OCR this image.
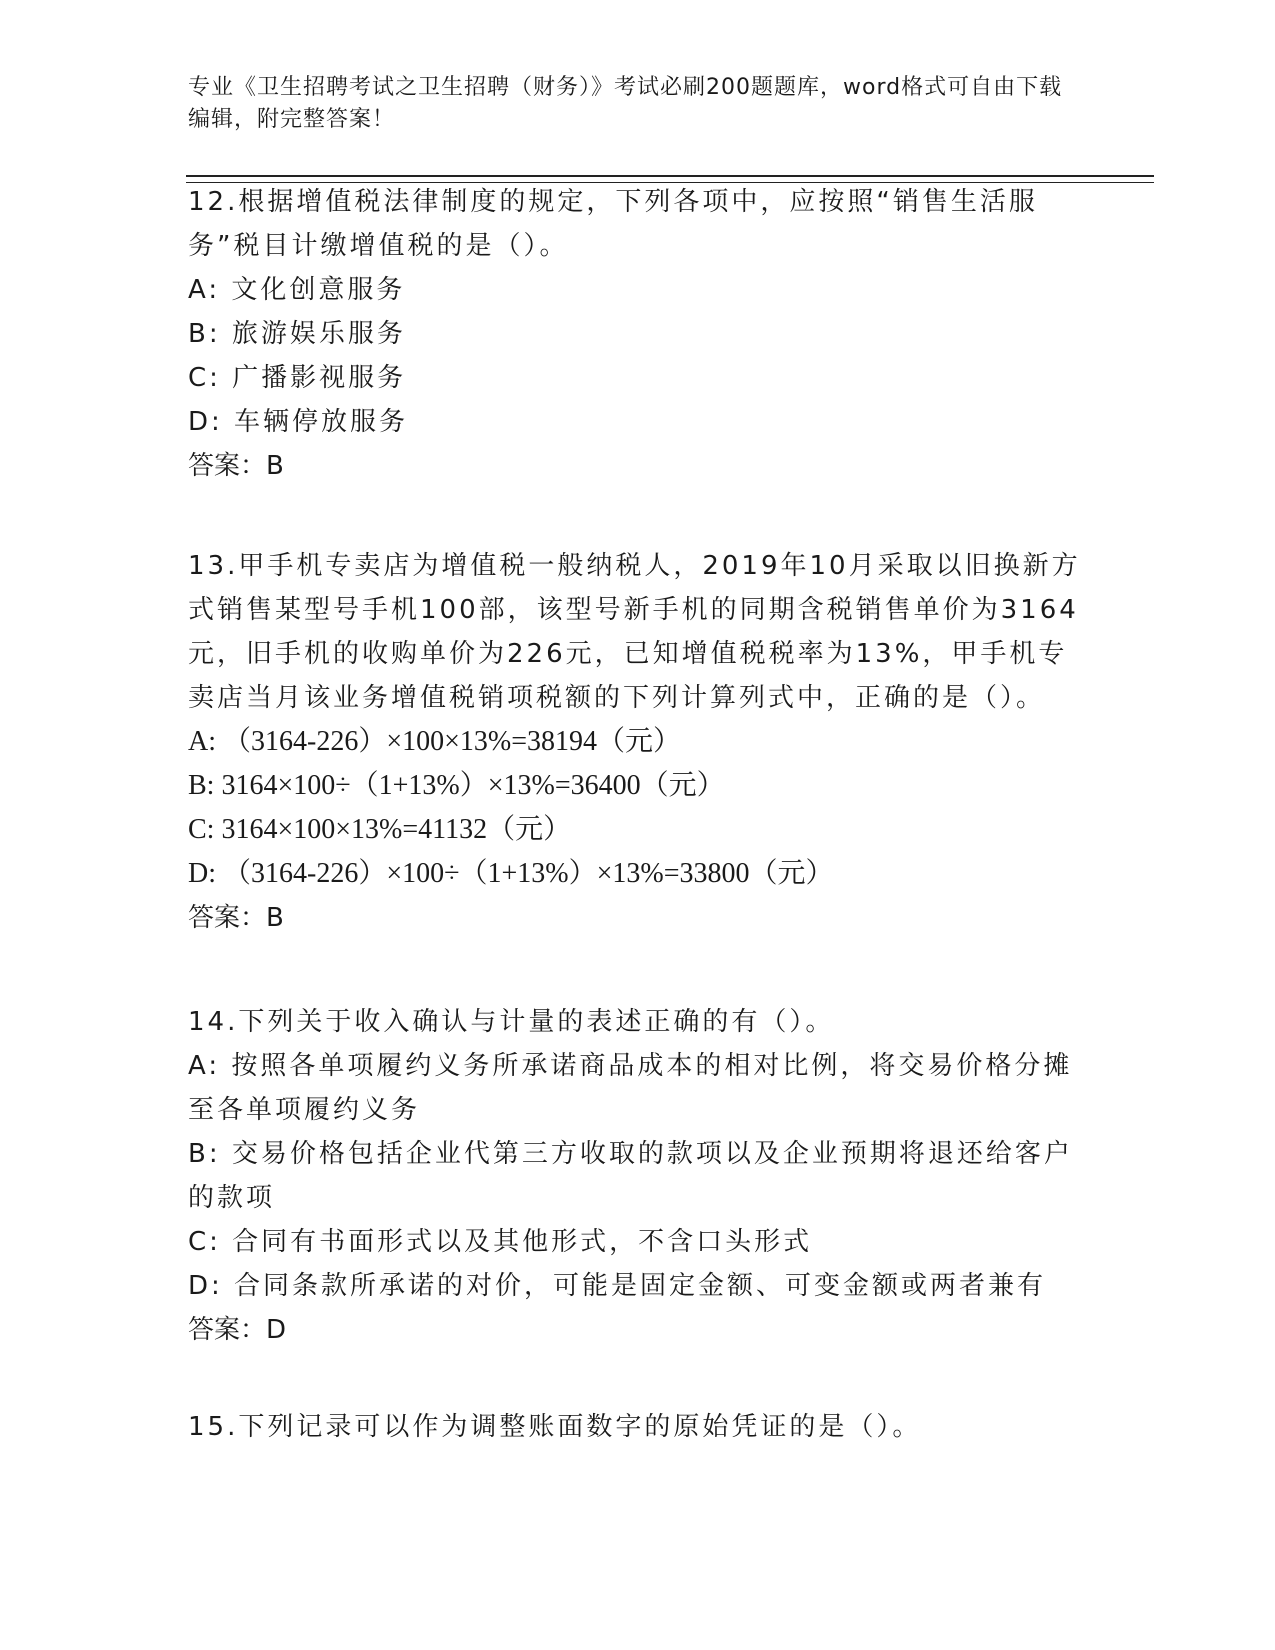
专业《卫生招聘考试之卫生招聘（财务）》考试必刷200题题库，word格式可自由下载编辑，附完整答案！
12.根据增值税法律制度的规定，下列各项中，应按照“销售生活服务”税目计缴增值税的是（）。
A: 文化创意服务
B: 旅游娱乐服务
C: 广播影视服务
D: 车辆停放服务
答案：B
13.甲手机专卖店为增值税一般纳税人，2019年10月采取以旧换新方式销售某型号手机100部，该型号新手机的同期含税销售单价为3164元，旧手机的收购单价为226元，已知增值税税率为13%，甲手机专卖店当月该业务增值税销项税额的下列计算列式中，正确的是（）。
A: （3164-226）×100×13%=38194（元）
B: 3164×100÷（1+13%）×13%=36400（元）
C: 3164×100×13%=41132（元）
D: （3164-226）×100÷（1+13%）×13%=33800（元）
答案：B
14.下列关于收入确认与计量的表述正确的有（）。
A: 按照各单项履约义务所承诺商品成本的相对比例，将交易价格分摊至各单项履约义务
B: 交易价格包括企业代第三方收取的款项以及企业预期将退还给客户的款项
C: 合同有书面形式以及其他形式，不含口头形式
D: 合同条款所承诺的对价，可能是固定金额、可变金额或两者兼有
答案：D
15.下列记录可以作为调整账面数字的原始凭证的是（）。
